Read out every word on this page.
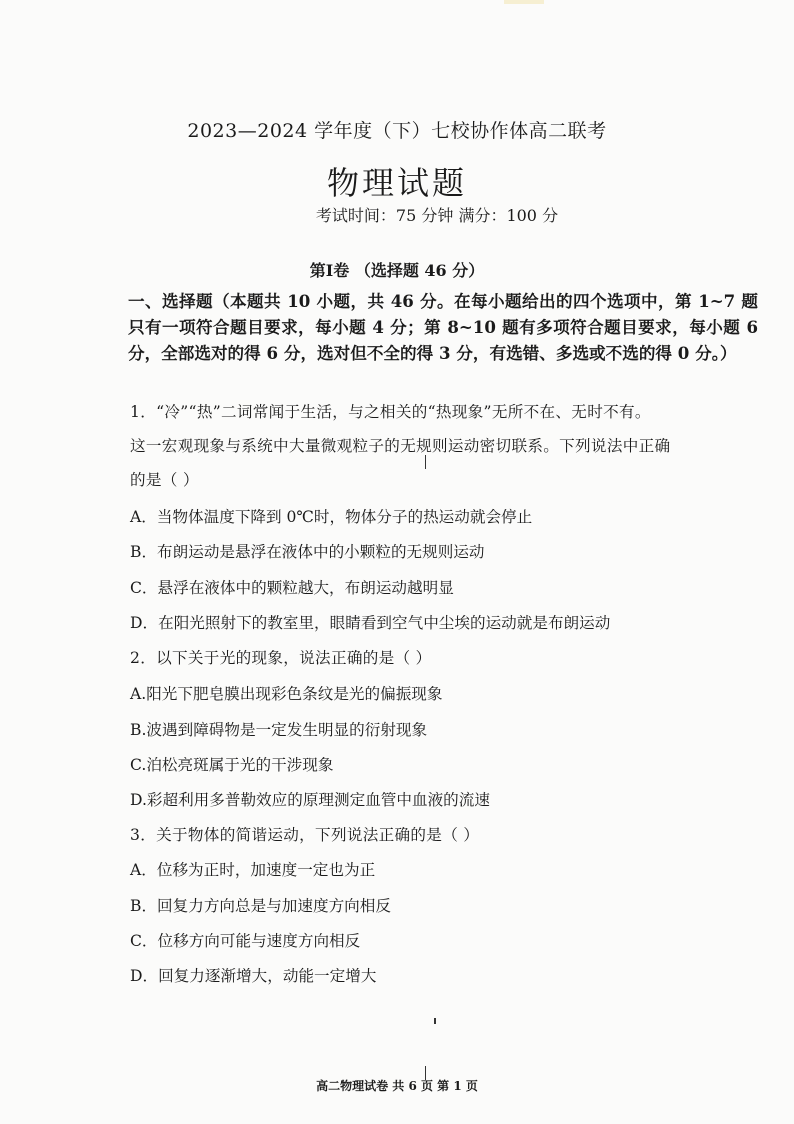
2023—2024 学年度（下）七校协作体高二联考
物理试题
考试时间：75 分钟 满分：100 分
第Ⅰ卷 （选择题 46 分）
一、选择题（本题共 10 小题，共 46 分。在每小题给出的四个选项中，第 1~7 题只有一项符合题目要求，每小题 4 分；第 8~10 题有多项符合题目要求，每小题 6 分，全部选对的得 6 分，选对但不全的得 3 分，有选错、多选或不选的得 0 分。）
1．“冷”“热”二词常闻于生活，与之相关的“热现象”无所不在、无时不有。
这一宏观现象与系统中大量微观粒子的无规则运动密切联系。下列说法中正确
的是（ ）
A．当物体温度下降到 0℃时，物体分子的热运动就会停止
B．布朗运动是悬浮在液体中的小颗粒的无规则运动
C．悬浮在液体中的颗粒越大，布朗运动越明显
D．在阳光照射下的教室里，眼睛看到空气中尘埃的运动就是布朗运动
2．以下关于光的现象，说法正确的是（ ）
A.阳光下肥皂膜出现彩色条纹是光的偏振现象
B.波遇到障碍物是一定发生明显的衍射现象
C.泊松亮斑属于光的干涉现象
D.彩超利用多普勒效应的原理测定血管中血液的流速
3．关于物体的简谐运动，下列说法正确的是（ ）
A．位移为正时，加速度一定也为正
B．回复力方向总是与加速度方向相反
C．位移方向可能与速度方向相反
D．回复力逐渐增大，动能一定增大
高二物理试卷 共 6 页 第 1 页
